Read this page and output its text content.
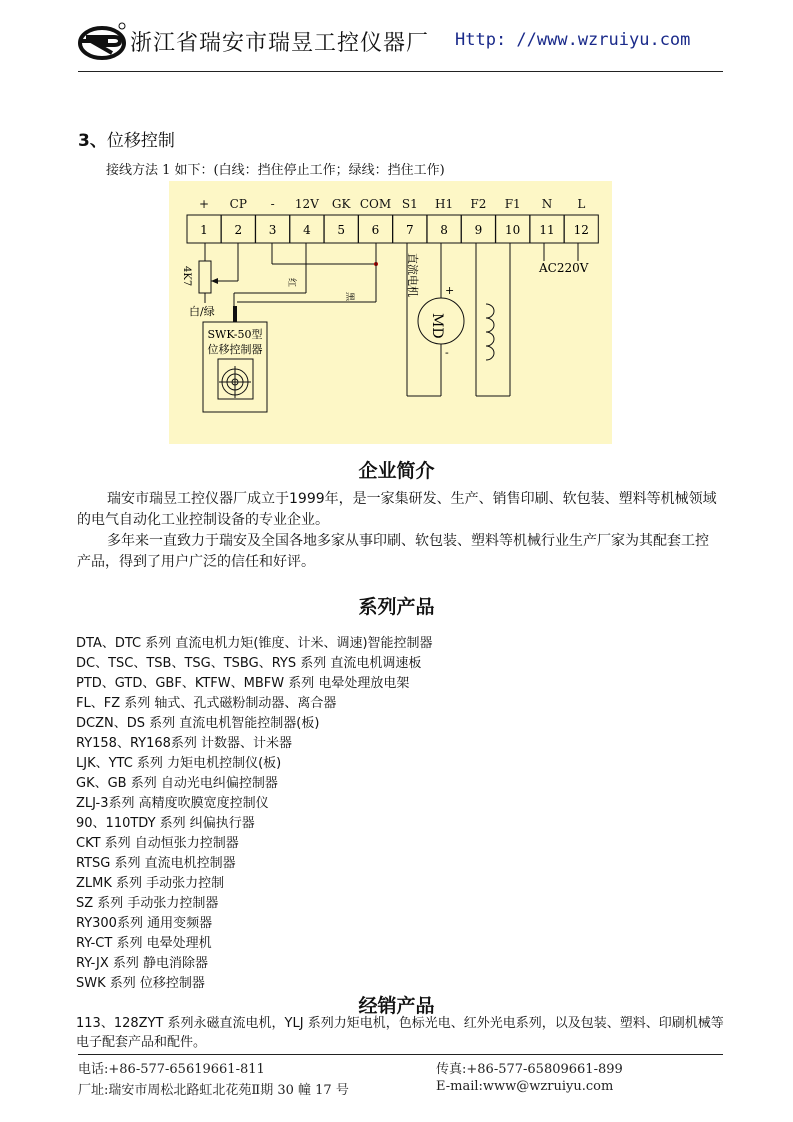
浙江省瑞安市瑞昱工控仪器厂 Http: //www.wzruiyu.com
3、位移控制
接线方法 1 如下：(白线：挡住停止工作；绿线：挡住工作)
+ CP - 12V GK COM S1 H1 F2 F1 N L
1 2 3 4 5 6 7 8 9 10 11 12
4K7	红
黑
白/绿
SWK-50型
位移控制器
直流电机 +
MD
-
AC220V
企业简介
瑞安市瑞昱工控仪器厂成立于1999年，是一家集研发、生产、销售印刷、软包装、塑料等机械领域的电气自动化工业控制设备的专业企业。
多年来一直致力于瑞安及全国各地多家从事印刷、软包装、塑料等机械行业生产厂家为其配套工控产品，得到了用户广泛的信任和好评。
系列产品
DTA、DTC 系列 直流电机力矩(锥度、计米、调速)智能控制器
DC、TSC、TSB、TSG、TSBG、RYS 系列 直流电机调速板
PTD、GTD、GBF、KTFW、MBFW 系列 电晕处理放电架
FL、FZ 系列 轴式、孔式磁粉制动器、离合器
DCZN、DS 系列 直流电机智能控制器(板)
RY158、RY168系列 计数器、计米器
LJK、YTC 系列 力矩电机控制仪(板)
GK、GB 系列 自动光电纠偏控制器
ZLJ-3系列 高精度吹膜宽度控制仪
90、110TDY 系列 纠偏执行器
CKT 系列 自动恒张力控制器
RTSG 系列 直流电机控制器
ZLMK 系列 手动张力控制
SZ 系列 手动张力控制器
RY300系列 通用变频器
RY-CT 系列 电晕处理机
RY-JX 系列 静电消除器
SWK 系列 位移控制器
经销产品
113、128ZYT 系列永磁直流电机，YLJ 系列力矩电机，色标光电、红外光电系列，以及包装、塑料、印刷机械等电子配套产品和配件。
电话:+86-577-65619661-811	传真:+86-577-65809661-899
厂址:瑞安市周松北路虹北花苑Ⅱ期 30 幢 17 号	E-mail:www@wzruiyu.com
